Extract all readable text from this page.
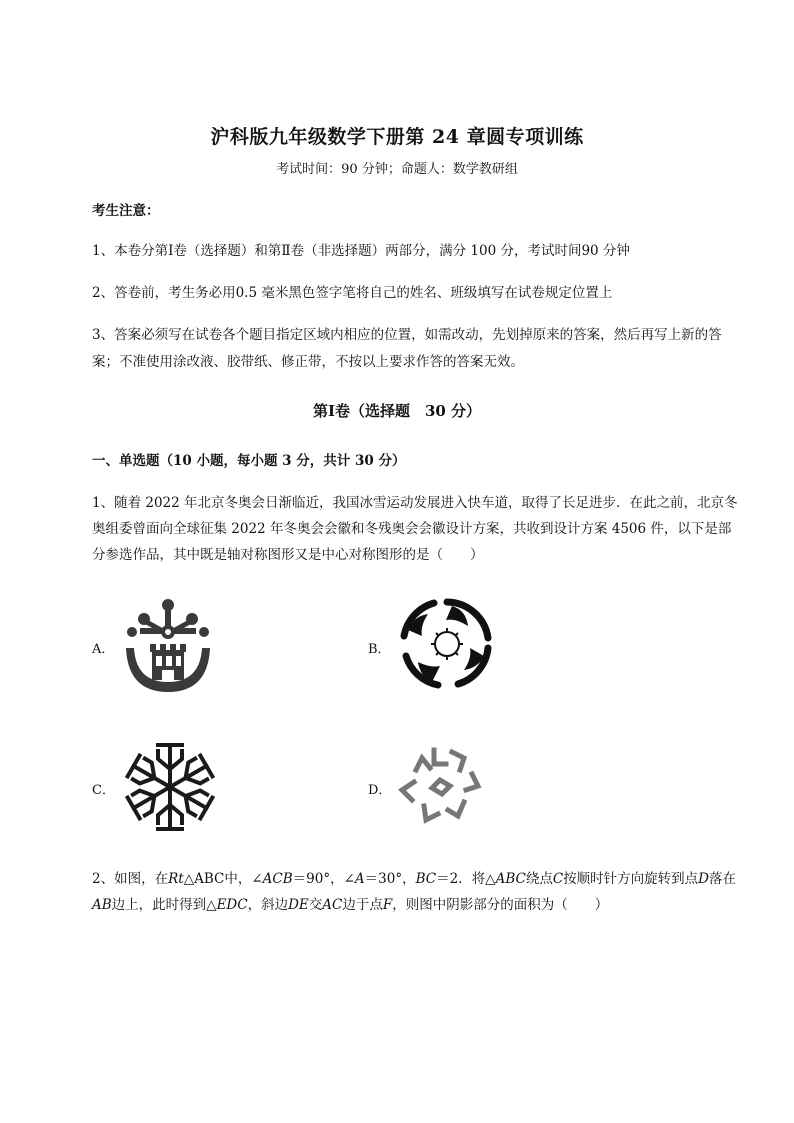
沪科版九年级数学下册第 24 章圆专项训练
考试时间：90 分钟；命题人：数学教研组
考生注意：
1、本卷分第Ⅰ卷（选择题）和第Ⅱ卷（非选择题）两部分，满分 100 分，考试时间90 分钟
2、答卷前，考生务必用0.5 毫米黑色签字笔将自己的姓名、班级填写在试卷规定位置上
3、答案必须写在试卷各个题目指定区域内相应的位置，如需改动，先划掉原来的答案，然后再写上新的答案；不准使用涂改液、胶带纸、修正带，不按以上要求作答的答案无效。
第Ⅰ卷（选择题　30 分）
一、单选题（10 小题，每小题 3 分，共计 30 分）
1、随着 2022 年北京冬奥会日渐临近，我国冰雪运动发展进入快车道，取得了长足进步．在此之前，北京冬奥组委曾面向全球征集 2022 年冬奥会会徽和冬残奥会会徽设计方案，共收到设计方案 4506 件，以下是部分参选作品，其中既是轴对称图形又是中心对称图形的是（　　）
A．	B．
C．	D．
2、如图，在Rt△ABC中，∠ACB＝90°，∠A＝30°，BC＝2．将△ABC绕点C按顺时针方向旋转到点D落在AB边上，此时得到△EDC，斜边DE交AC边于点F，则图中阴影部分的面积为（　　）
